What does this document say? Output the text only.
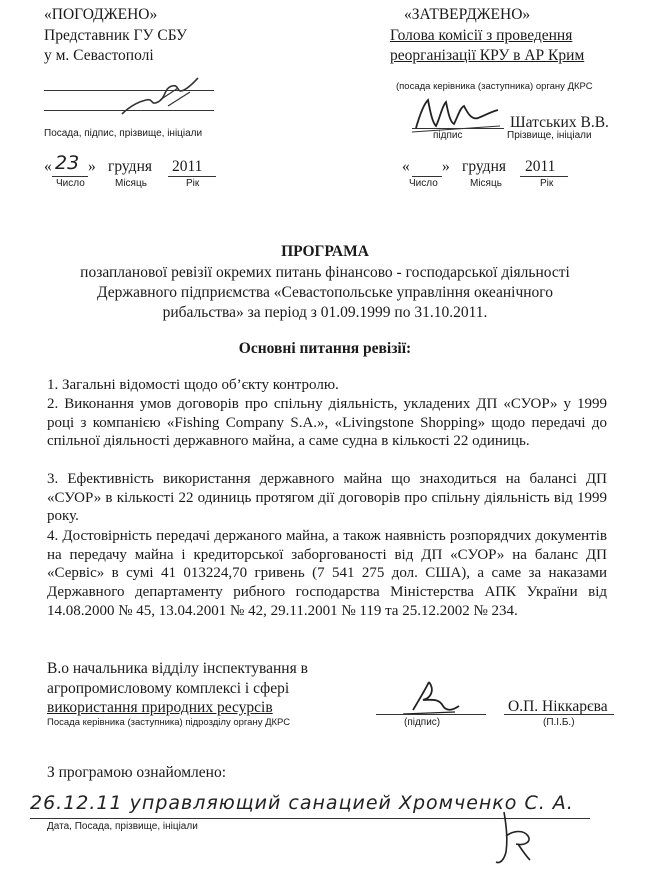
«ПОГОДЖЕНО»
Представник ГУ СБУ
у м. Севастополі
Посада, підпис, прізвище, ініціали
« 23 » грудня 2011
Число	Місяць	Рік
«ЗАТВЕРДЖЕНО»
Голова комісії з проведення
реорганізації КРУ в АР Крим
(посада керівника (заступника) органу ДКРС
Шатських В.В.
підпис	Прізвище, ініціали
« » грудня 2011
Число	Місяць	Рік
ПРОГРАМА
позапланової ревізії окремих питань фінансово - господарської діяльності
Державного підприємства «Севастопольське управління океанічного
рибальства» за період з 01.09.1999 по 31.10.2011.
Основні питання ревізії:
1. Загальні відомості щодо об’єкту контролю.
2. Виконання умов договорів про спільну діяльність, укладених ДП «СУОР» у 1999 році з компанією «Fishing Company S.A.», «Livingstone Shopping» щодо передачі до спільної діяльності державного майна, а саме судна в кількості 22 одиниць.
3. Ефективність використання державного майна що знаходиться на балансі ДП «СУОР» в кількості 22 одиниць протягом дії договорів про спільну діяльність від 1999 року.
4. Достовірність передачі держаного майна, а також наявність розпорядчих документів на передачу майна і кредиторської заборгованості від ДП «СУОР» на баланс ДП «Сервіс» в сумі 41 013224,70 гривень (7 541 275 дол. США), а саме за наказами Державного департаменту рибного господарства Міністерства АПК України від 14.08.2000 № 45, 13.04.2001 № 42, 29.11.2001 № 119 та 25.12.2002 № 234.
В.о начальника відділу інспектування в
агропромисловому комплексі і сфері
використання природних ресурсів
Посада керівника (заступника) підрозділу органу ДКРС	(підпис)
О.П. Ніккарєва
(П.І.Б.)
З програмою ознайомлено:
26.12.11 управляющий санацией Хромченко С. А.
Дата, Посада, прізвище, ініціали
